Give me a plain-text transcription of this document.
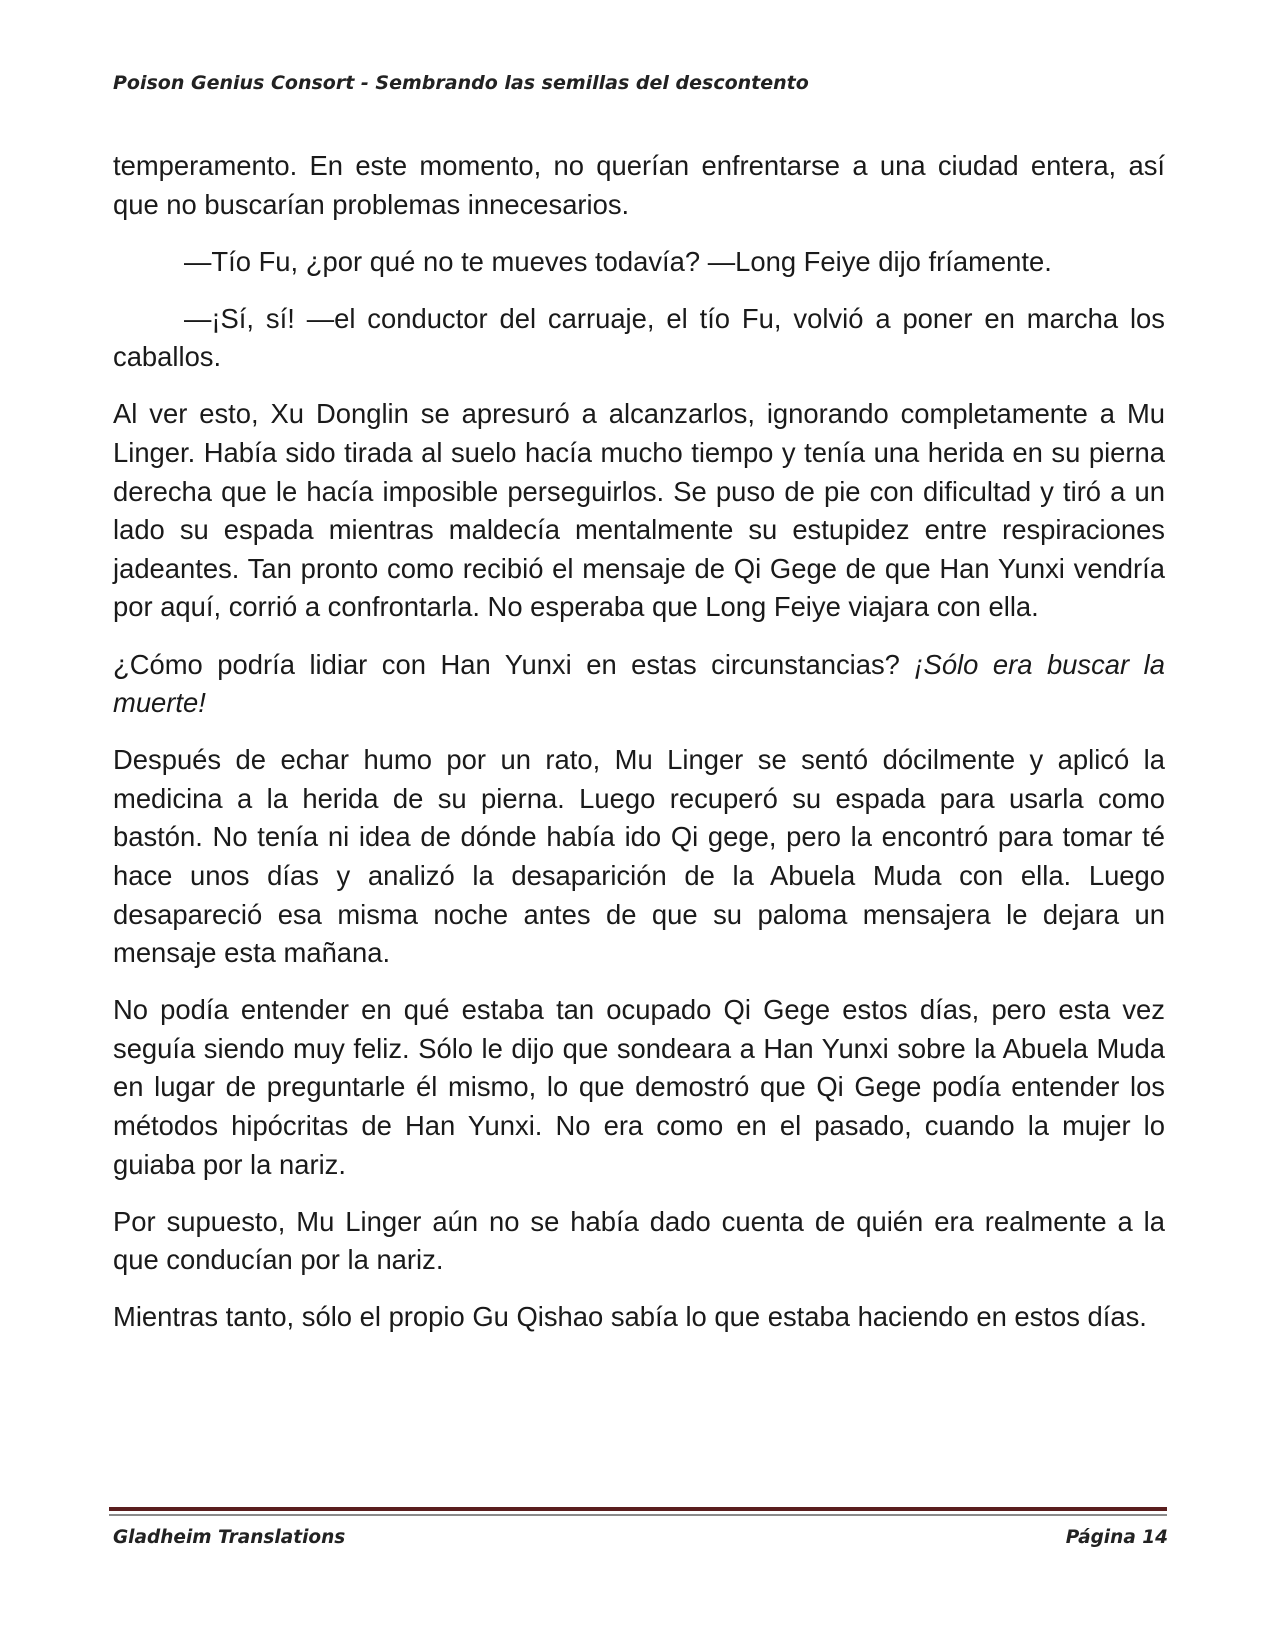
Poison Genius Consort - Sembrando las semillas del descontento

temperamento. En este momento, no querían enfrentarse a una ciudad entera, así que no buscarían problemas innecesarios.

—Tío Fu, ¿por qué no te mueves todavía? —Long Feiye dijo fríamente.

—¡Sí, sí! —el conductor del carruaje, el tío Fu, volvió a poner en marcha los caballos.

Al ver esto, Xu Donglin se apresuró a alcanzarlos, ignorando completamente a Mu Linger. Había sido tirada al suelo hacía mucho tiempo y tenía una herida en su pierna derecha que le hacía imposible perseguirlos. Se puso de pie con dificultad y tiró a un lado su espada mientras maldecía mentalmente su estupidez entre respiraciones jadeantes. Tan pronto como recibió el mensaje de Qi Gege de que Han Yunxi vendría por aquí, corrió a confrontarla. No esperaba que Long Feiye viajara con ella.

¿Cómo podría lidiar con Han Yunxi en estas circunstancias? ¡Sólo era buscar la muerte!

Después de echar humo por un rato, Mu Linger se sentó dócilmente y aplicó la medicina a la herida de su pierna. Luego recuperó su espada para usarla como bastón. No tenía ni idea de dónde había ido Qi gege, pero la encontró para tomar té hace unos días y analizó la desaparición de la Abuela Muda con ella. Luego desapareció esa misma noche antes de que su paloma mensajera le dejara un mensaje esta mañana.

No podía entender en qué estaba tan ocupado Qi Gege estos días, pero esta vez seguía siendo muy feliz. Sólo le dijo que sondeara a Han Yunxi sobre la Abuela Muda en lugar de preguntarle él mismo, lo que demostró que Qi Gege podía entender los métodos hipócritas de Han Yunxi. No era como en el pasado, cuando la mujer lo guiaba por la nariz.

Por supuesto, Mu Linger aún no se había dado cuenta de quién era realmente a la que conducían por la nariz.

Mientras tanto, sólo el propio Gu Qishao sabía lo que estaba haciendo en estos días.

Gladheim Translations	Página 14
